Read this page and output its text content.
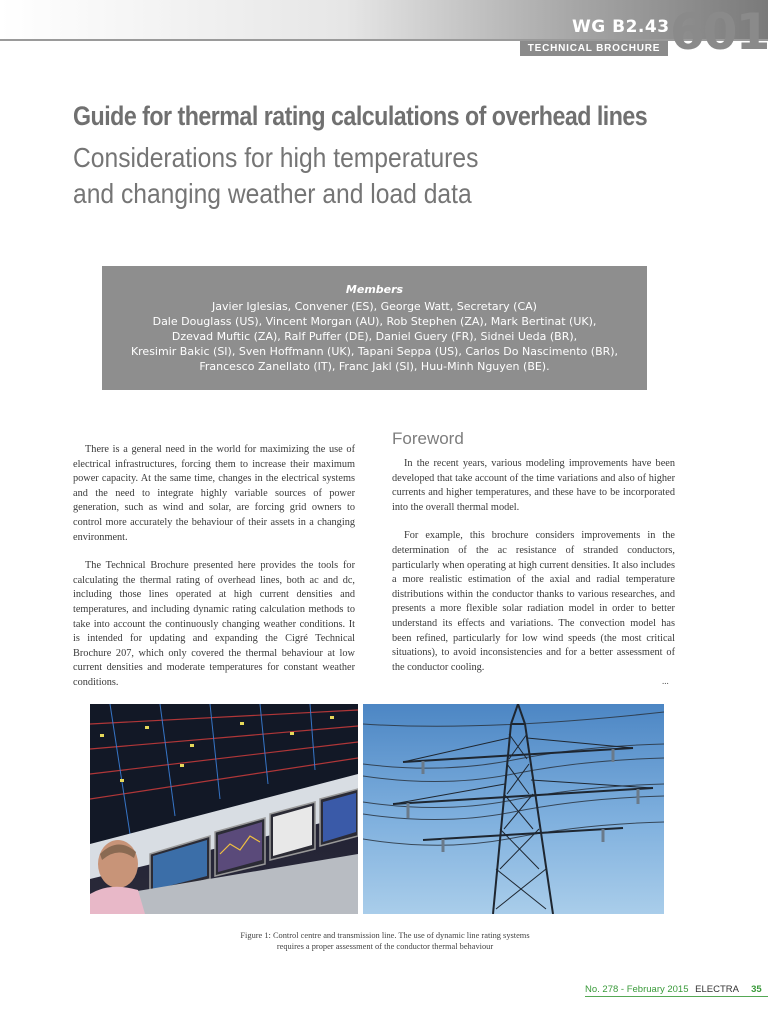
WG B2.43
TECHNICAL BROCHURE 601
Guide for thermal rating calculations of overhead lines
Considerations for high temperatures
and changing weather and load data
Members
Javier Iglesias, Convener (ES), George Watt, Secretary (CA)
Dale Douglass (US), Vincent Morgan (AU), Rob Stephen (ZA), Mark Bertinat (UK),
Dzevad Muftic (ZA), Ralf Puffer (DE), Daniel Guery (FR), Sidnei Ueda (BR),
Kresimir Bakic (SI), Sven Hoffmann (UK), Tapani Seppa (US), Carlos Do Nascimento (BR),
Francesco Zanellato (IT), Franc Jakl (SI), Huu-Minh Nguyen (BE).

There is a general need in the world for maximizing the use of electrical infrastructures, forcing them to increase their maximum power capacity. At the same time, changes in the electrical systems and the need to integrate highly variable sources of power generation, such as wind and solar, are forcing grid owners to control more accurately the behaviour of their assets in a changing environment.

The Technical Brochure presented here provides the tools for calculating the thermal rating of overhead lines, both ac and dc, including those lines operated at high current densities and temperatures, and including dynamic rating calculation methods to take into account the continuously changing weather conditions. It is intended for updating and expanding the Cigré Technical Brochure 207, which only covered the thermal behaviour at low current densities and moderate temperatures for constant weather conditions.

Foreword

In the recent years, various modeling improvements have been developed that take account of the time variations and also of higher currents and higher temperatures, and these have to be incorporated into the overall thermal model.

For example, this brochure considers improvements in the determination of the ac resistance of stranded conductors, particularly when operating at high current densities. It also includes a more realistic estimation of the axial and radial temperature distributions within the conductor thanks to various researches, and presents a more flexible solar radiation model in order to better understand its effects and variations. The convection model has been refined, particularly for low wind speeds (the most critical situations), to avoid inconsistencies and for a better assessment of the conductor cooling.

...
Figure 1: Control centre and transmission line. The use of dynamic line rating systems
requires a proper assessment of the conductor thermal behaviour
No. 278 - February 2015 ELECTRA 35
